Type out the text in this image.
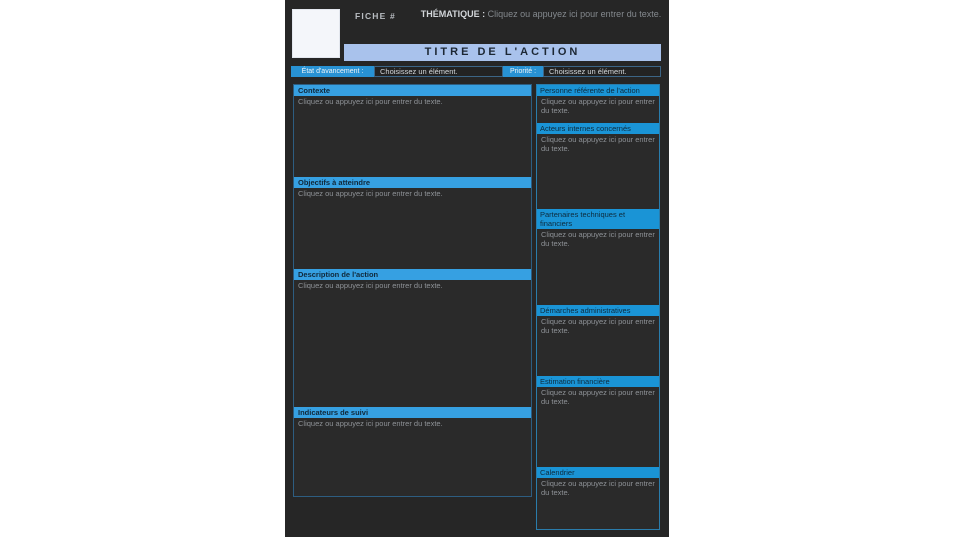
FICHE #	THÉMATIQUE : Cliquez ou appuyez ici pour entrer du texte.
TITRE DE L'ACTION
État d'avancement :	Choisissez un élément.	Priorité :	Choisissez un élément.
Contexte
Cliquez ou appuyez ici pour entrer du texte.
Objectifs à atteindre
Cliquez ou appuyez ici pour entrer du texte.
Description de l'action
Cliquez ou appuyez ici pour entrer du texte.
Indicateurs de suivi
Cliquez ou appuyez ici pour entrer du texte.
Personne référente de l'action
Cliquez ou appuyez ici pour entrer du texte.
Acteurs internes concernés
Cliquez ou appuyez ici pour entrer du texte.
Partenaires techniques et financiers
Cliquez ou appuyez ici pour entrer du texte.
Démarches administratives
Cliquez ou appuyez ici pour entrer du texte.
Estimation financière
Cliquez ou appuyez ici pour entrer du texte.
Calendrier
Cliquez ou appuyez ici pour entrer du texte.
